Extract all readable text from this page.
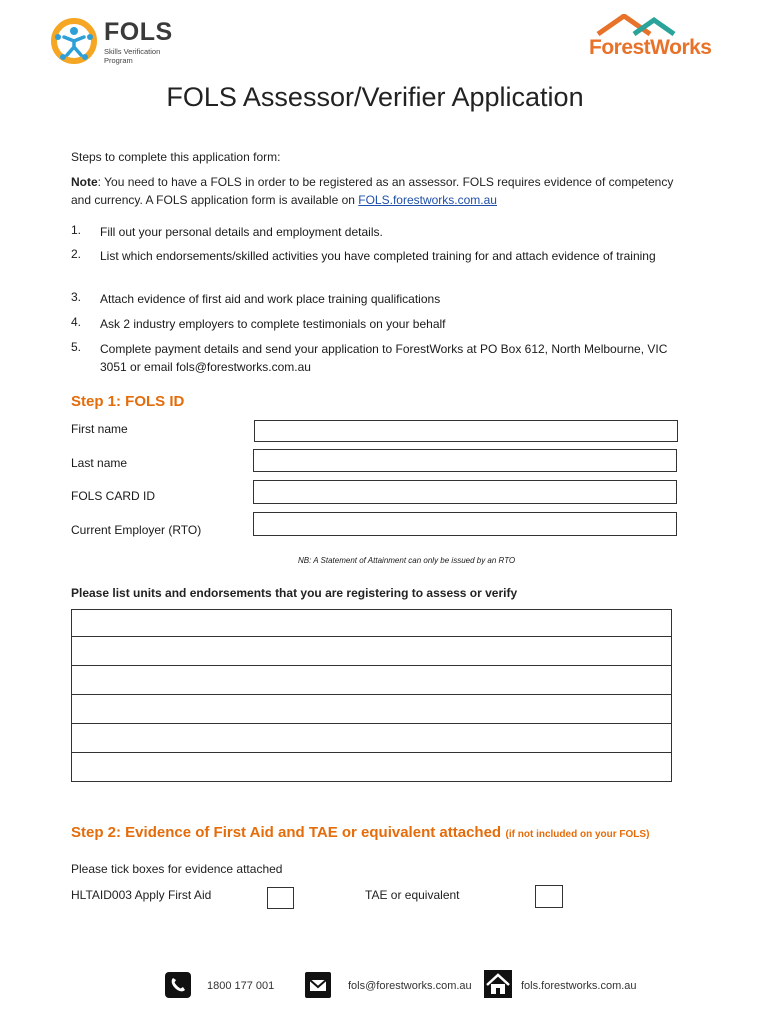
FOLS
Skills Verification
Program
ForestWorks
FOLS Assessor/Verifier Application
Steps to complete this application form:
Note: You need to have a FOLS in order to be registered as an assessor. FOLS requires evidence of competency and currency. A FOLS application form is available on FOLS.forestworks.com.au
1. Fill out your personal details and employment details.
2. List which endorsements/skilled activities you have completed training for and attach evidence of training
3. Attach evidence of first aid and work place training qualifications
4. Ask 2 industry employers to complete testimonials on your behalf
5. Complete payment details and send your application to ForestWorks at PO Box 612, North Melbourne, VIC 3051 or email fols@forestworks.com.au
Step 1: FOLS ID
First name
Last name
FOLS CARD ID
Current Employer (RTO)
NB: A Statement of Attainment can only be issued by an RTO
Please list units and endorsements that you are registering to assess or verify
Step 2: Evidence of First Aid and TAE or equivalent attached (if not included on your FOLS)
Please tick boxes for evidence attached
HLTAID003 Apply First Aid	TAE or equivalent
1800 177 001	fols@forestworks.com.au	fols.forestworks.com.au
